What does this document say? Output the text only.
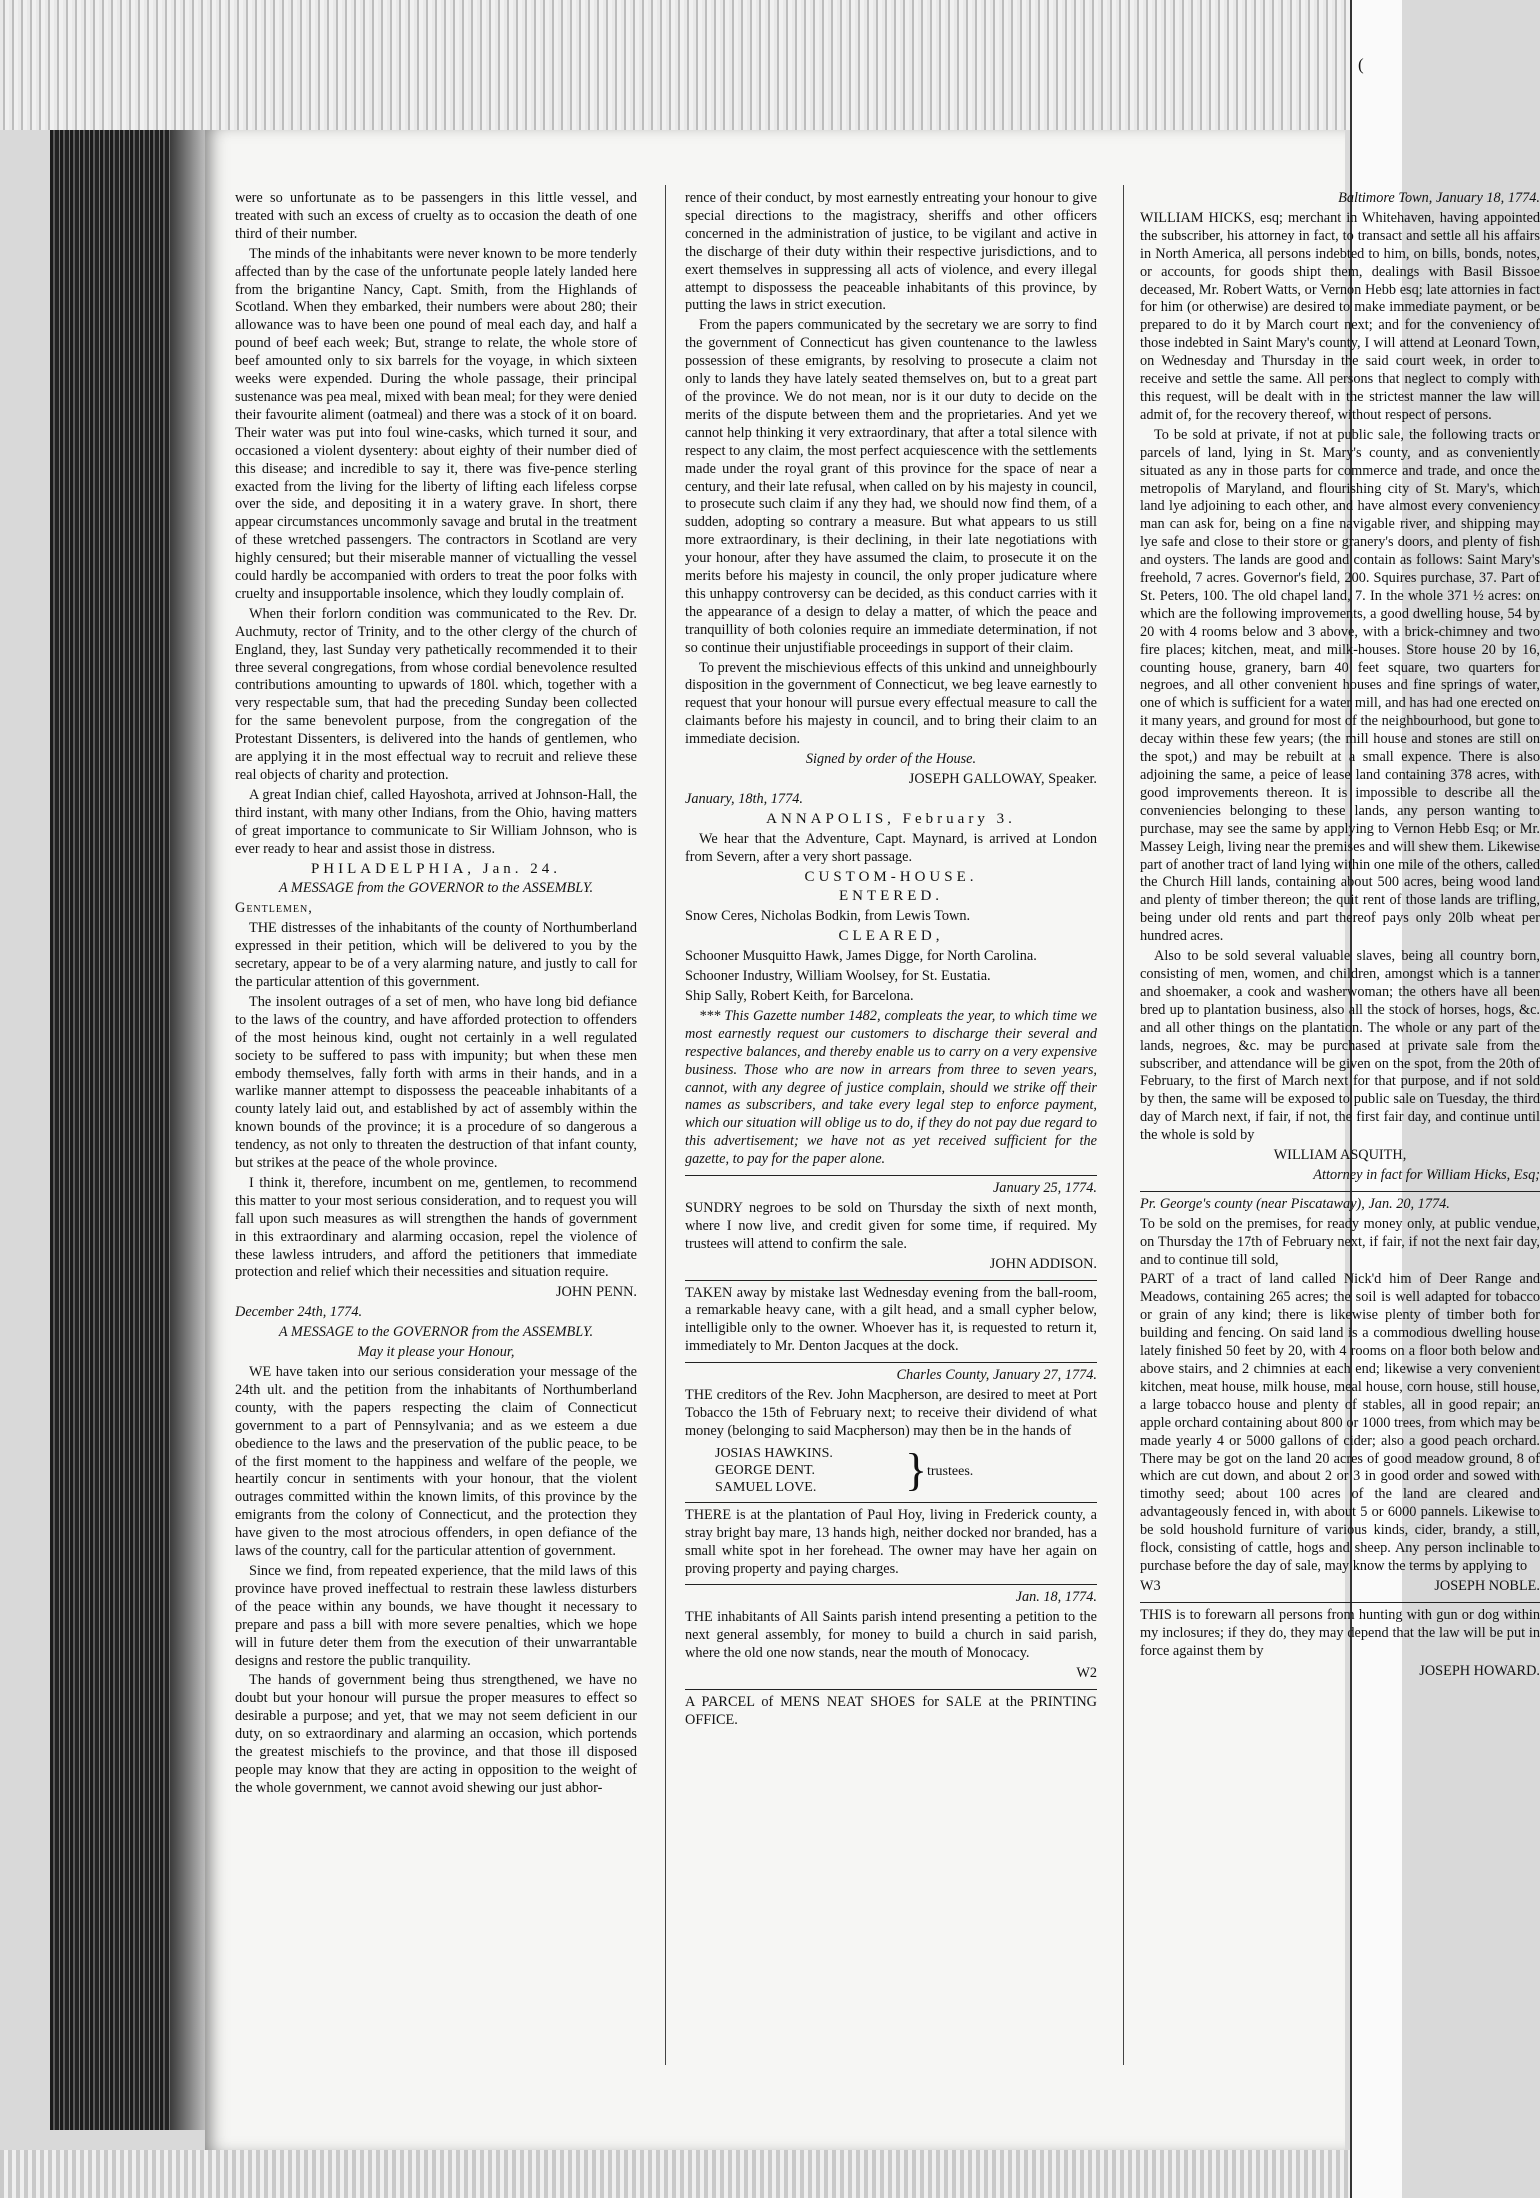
(

were so unfortunate as to be passengers in this little vessel, and treated with such an excess of cruelty as to occasion the death of one third of their number.

The minds of the inhabitants were never known to be more tenderly affected than by the case of the unfortunate people lately landed here from the brigantine Nancy, Capt. Smith, from the Highlands of Scotland. When they embarked, their numbers were about 280; their allowance was to have been one pound of meal each day, and half a pound of beef each week; But, strange to relate, the whole store of beef amounted only to six barrels for the voyage, in which sixteen weeks were expended. During the whole passage, their principal sustenance was pea meal, mixed with bean meal; for they were denied their favourite aliment (oatmeal) and there was a stock of it on board. Their water was put into foul wine-casks, which turned it sour, and occasioned a violent dysentery: about eighty of their number died of this disease; and incredible to say it, there was five-pence sterling exacted from the living for the liberty of lifting each lifeless corpse over the side, and depositing it in a watery grave. In short, there appear circumstances uncommonly savage and brutal in the treatment of these wretched passengers. The contractors in Scotland are very highly censured; but their miserable manner of victualling the vessel could hardly be accompanied with orders to treat the poor folks with cruelty and insupportable insolence, which they loudly complain of.

When their forlorn condition was communicated to the Rev. Dr. Auchmuty, rector of Trinity, and to the other clergy of the church of England, they, last Sunday very pathetically recommended it to their three several congregations, from whose cordial benevolence resulted contributions amounting to upwards of 180l. which, together with a very respectable sum, that had the preceding Sunday been collected for the same benevolent purpose, from the congregation of the Protestant Dissenters, is delivered into the hands of gentlemen, who are applying it in the most effectual way to recruit and relieve these real objects of charity and protection.

A great Indian chief, called Hayoshota, arrived at Johnson-Hall, the third instant, with many other Indians, from the Ohio, having matters of great importance to communicate to Sir William Johnson, who is ever ready to hear and assist those in distress.

PHILADELPHIA, Jan. 24.

A MESSAGE from the GOVERNOR to the ASSEMBLY.

Gentlemen,

THE distresses of the inhabitants of the county of Northumberland expressed in their petition, which will be delivered to you by the secretary, appear to be of a very alarming nature, and justly to call for the particular attention of this government.

The insolent outrages of a set of men, who have long bid defiance to the laws of the country, and have afforded protection to offenders of the most heinous kind, ought not certainly in a well regulated society to be suffered to pass with impunity; but when these men embody themselves, fally forth with arms in their hands, and in a warlike manner attempt to dispossess the peaceable inhabitants of a county lately laid out, and established by act of assembly within the known bounds of the province; it is a procedure of so dangerous a tendency, as not only to threaten the destruction of that infant county, but strikes at the peace of the whole province.

I think it, therefore, incumbent on me, gentlemen, to recommend this matter to your most serious consideration, and to request you will fall upon such measures as will strengthen the hands of government in this extraordinary and alarming occasion, repel the violence of these lawless intruders, and afford the petitioners that immediate protection and relief which their necessities and situation require.

JOHN PENN.

December 24th, 1774.

A MESSAGE to the GOVERNOR from the ASSEMBLY.

May it please your Honour,

WE have taken into our serious consideration your message of the 24th ult. and the petition from the inhabitants of Northumberland county, with the papers respecting the claim of Connecticut government to a part of Pennsylvania; and as we esteem a due obedience to the laws and the preservation of the public peace, to be of the first moment to the happiness and welfare of the people, we heartily concur in sentiments with your honour, that the violent outrages committed within the known limits, of this province by the emigrants from the colony of Connecticut, and the protection they have given to the most atrocious offenders, in open defiance of the laws of the country, call for the particular attention of government.

Since we find, from repeated experience, that the mild laws of this province have proved ineffectual to restrain these lawless disturbers of the peace within any bounds, we have thought it necessary to prepare and pass a bill with more severe penalties, which we hope will in future deter them from the execution of their unwarrantable designs and restore the public tranquility.

The hands of government being thus strengthened, we have no doubt but your honour will pursue the proper measures to effect so desirable a purpose; and yet, that we may not seem deficient in our duty, on so extraordinary and alarming an occasion, which portends the greatest mischiefs to the province, and that those ill disposed people may know that they are acting in opposition to the weight of the whole government, we cannot avoid shewing our just abhor-

rence of their conduct, by most earnestly entreating your honour to give special directions to the magistracy, sheriffs and other officers concerned in the administration of justice, to be vigilant and active in the discharge of their duty within their respective jurisdictions, and to exert themselves in suppressing all acts of violence, and every illegal attempt to dispossess the peaceable inhabitants of this province, by putting the laws in strict execution.

From the papers communicated by the secretary we are sorry to find the government of Connecticut has given countenance to the lawless possession of these emigrants, by resolving to prosecute a claim not only to lands they have lately seated themselves on, but to a great part of the province. We do not mean, nor is it our duty to decide on the merits of the dispute between them and the proprietaries. And yet we cannot help thinking it very extraordinary, that after a total silence with respect to any claim, the most perfect acquiescence with the settlements made under the royal grant of this province for the space of near a century, and their late refusal, when called on by his majesty in council, to prosecute such claim if any they had, we should now find them, of a sudden, adopting so contrary a measure. But what appears to us still more extraordinary, is their declining, in their late negotiations with your honour, after they have assumed the claim, to prosecute it on the merits before his majesty in council, the only proper judicature where this unhappy controversy can be decided, as this conduct carries with it the appearance of a design to delay a matter, of which the peace and tranquillity of both colonies require an immediate determination, if not so continue their unjustifiable proceedings in support of their claim.

To prevent the mischievious effects of this unkind and unneighbourly disposition in the government of Connecticut, we beg leave earnestly to request that your honour will pursue every effectual measure to call the claimants before his majesty in council, and to bring their claim to an immediate decision.

Signed by order of the House.

JOSEPH GALLOWAY, Speaker.

January, 18th, 1774.

ANNAPOLIS, February 3.

We hear that the Adventure, Capt. Maynard, is arrived at London from Severn, after a very short passage.

CUSTOM-HOUSE.

ENTERED.

Snow Ceres, Nicholas Bodkin, from Lewis Town.

CLEARED,

Schooner Musquitto Hawk, James Digge, for North Carolina.

Schooner Industry, William Woolsey, for St. Eustatia.

Ship Sally, Robert Keith, for Barcelona.

*** This Gazette number 1482, compleats the year, to which time we most earnestly request our customers to discharge their several and respective balances, and thereby enable us to carry on a very expensive business. Those who are now in arrears from three to seven years, cannot, with any degree of justice complain, should we strike off their names as subscribers, and take every legal step to enforce payment, which our situation will oblige us to do, if they do not pay due regard to this advertisement; we have not as yet received sufficient for the gazette, to pay for the paper alone.

January 25, 1774.

SUNDRY negroes to be sold on Thursday the sixth of next month, where I now live, and credit given for some time, if required. My trustees will attend to confirm the sale.

JOHN ADDISON.

TAKEN away by mistake last Wednesday evening from the ball-room, a remarkable heavy cane, with a gilt head, and a small cypher below, intelligible only to the owner. Whoever has it, is requested to return it, immediately to Mr. Denton Jacques at the dock.

Charles County, January 27, 1774.

THE creditors of the Rev. John Macpherson, are desired to meet at Port Tobacco the 15th of February next; to receive their dividend of what money (belonging to said Macpherson) may then be in the hands of

JOSIAS HAWKINS.
GEORGE DENT.
SAMUEL LOVE.	} trustees.

THERE is at the plantation of Paul Hoy, living in Frederick county, a stray bright bay mare, 13 hands high, neither docked nor branded, has a small white spot in her forehead. The owner may have her again on proving property and paying charges.

Jan. 18, 1774.

THE inhabitants of All Saints parish intend presenting a petition to the next general assembly, for money to build a church in said parish, where the old one now stands, near the mouth of Monocacy.

W2

A PARCEL of MENS NEAT SHOES for SALE at the PRINTING OFFICE.

Baltimore Town, January 18, 1774.

WILLIAM HICKS, esq; merchant in Whitehaven, having appointed the subscriber, his attorney in fact, to transact and settle all his affairs in North America, all persons indebted to him, on bills, bonds, notes, or accounts, for goods shipt them, dealings with Basil Bissoe deceased, Mr. Robert Watts, or Vernon Hebb esq; late attornies in fact for him (or otherwise) are desired to make immediate payment, or be prepared to do it by March court next; and for the conveniency of those indebted in Saint Mary's county, I will attend at Leonard Town, on Wednesday and Thursday in the said court week, in order to receive and settle the same. All persons that neglect to comply with this request, will be dealt with in the strictest manner the law will admit of, for the recovery thereof, without respect of persons.

To be sold at private, if not at public sale, the following tracts or parcels of land, lying in St. Mary's county, and as conveniently situated as any in those parts for commerce and trade, and once the metropolis of Maryland, and flourishing city of St. Mary's, which land lye adjoining to each other, and have almost every conveniency man can ask for, being on a fine navigable river, and shipping may lye safe and close to their store or granery's doors, and plenty of fish and oysters. The lands are good and contain as follows: Saint Mary's freehold, 7 acres. Governor's field, 200. Squires purchase, 37. Part of St. Peters, 100. The old chapel land, 7. In the whole 371 ½ acres: on which are the following improvements, a good dwelling house, 54 by 20 with 4 rooms below and 3 above, with a brick-chimney and two fire places; kitchen, meat, and milk-houses. Store house 20 by 16, counting house, granery, barn 40 feet square, two quarters for negroes, and all other convenient houses and fine springs of water, one of which is sufficient for a water mill, and has had one erected on it many years, and ground for most of the neighbourhood, but gone to decay within these few years; (the mill house and stones are still on the spot,) and may be rebuilt at a small expence. There is also adjoining the same, a peice of lease land containing 378 acres, with good improvements thereon. It is impossible to describe all the conveniencies belonging to these lands, any person wanting to purchase, may see the same by applying to Vernon Hebb Esq; or Mr. Massey Leigh, living near the premises and will shew them. Likewise part of another tract of land lying within one mile of the others, called the Church Hill lands, containing about 500 acres, being wood land and plenty of timber thereon; the quit rent of those lands are trifling, being under old rents and part thereof pays only 20lb wheat per hundred acres.

Also to be sold several valuable slaves, being all country born, consisting of men, women, and children, amongst which is a tanner and shoemaker, a cook and washerwoman; the others have all been bred up to plantation business, also all the stock of horses, hogs, &c. and all other things on the plantation. The whole or any part of the lands, negroes, &c. may be purchased at private sale from the subscriber, and attendance will be given on the spot, from the 20th of February, to the first of March next for that purpose, and if not sold by then, the same will be exposed to public sale on Tuesday, the third day of March next, if fair, if not, the first fair day, and continue until the whole is sold by

WILLIAM ASQUITH,

Attorney in fact for William Hicks, Esq;

Pr. George's county (near Piscataway), Jan. 20, 1774.

To be sold on the premises, for ready money only, at public vendue, on Thursday the 17th of February next, if fair, if not the next fair day, and to continue till sold,

PART of a tract of land called Nick'd him of Deer Range and Meadows, containing 265 acres; the soil is well adapted for tobacco or grain of any kind; there is likewise plenty of timber both for building and fencing. On said land is a commodious dwelling house lately finished 50 feet by 20, with 4 rooms on a floor both below and above stairs, and 2 chimnies at each end; likewise a very convenient kitchen, meat house, milk house, meal house, corn house, still house, a large tobacco house and plenty of stables, all in good repair; an apple orchard containing about 800 or 1000 trees, from which may be made yearly 4 or 5000 gallons of cider; also a good peach orchard. There may be got on the land 20 acres of good meadow ground, 8 of which are cut down, and about 2 or 3 in good order and sowed with timothy seed; about 100 acres of the land are cleared and advantageously fenced in, with about 5 or 6000 pannels. Likewise to be sold houshold furniture of various kinds, cider, brandy, a still, flock, consisting of cattle, hogs and sheep. Any person inclinable to purchase before the day of sale, may know the terms by applying to

W3	JOSEPH NOBLE.

THIS is to forewarn all persons from hunting with gun or dog within my inclosures; if they do, they may depend that the law will be put in force against them by

JOSEPH HOWARD.
